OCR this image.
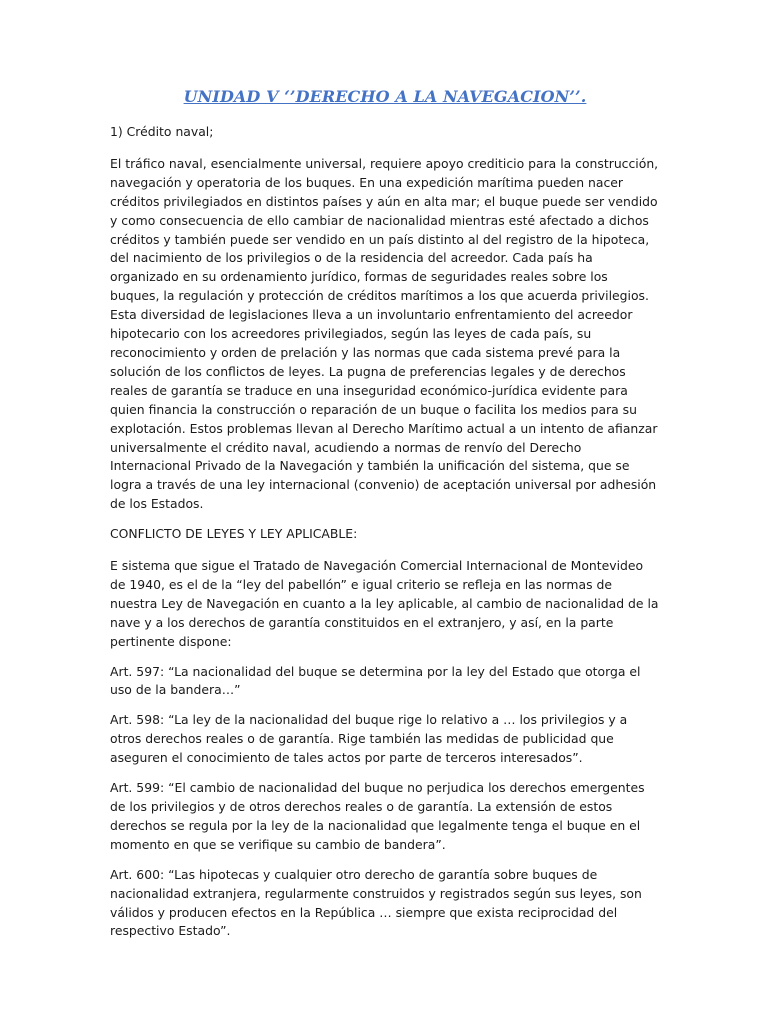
UNIDAD V ‘’DERECHO A LA NAVEGACION’’.

1) Crédito naval;

El tráfico naval, esencialmente universal, requiere apoyo crediticio para la construcción, navegación y operatoria de los buques. En una expedición marítima pueden nacer créditos privilegiados en distintos países y aún en alta mar; el buque puede ser vendido y como consecuencia de ello cambiar de nacionalidad mientras esté afectado a dichos créditos y también puede ser vendido en un país distinto al del registro de la hipoteca, del nacimiento de los privilegios o de la residencia del acreedor. Cada país ha organizado en su ordenamiento jurídico, formas de seguridades reales sobre los buques, la regulación y protección de créditos marítimos a los que acuerda privilegios. Esta diversidad de legislaciones lleva a un involuntario enfrentamiento del acreedor hipotecario con los acreedores privilegiados, según las leyes de cada país, su reconocimiento y orden de prelación y las normas que cada sistema prevé para la solución de los conflictos de leyes. La pugna de preferencias legales y de derechos reales de garantía se traduce en una inseguridad económico-jurídica evidente para quien financia la construcción o reparación de un buque o facilita los medios para su explotación. Estos problemas llevan al Derecho Marítimo actual a un intento de afianzar universalmente el crédito naval, acudiendo a normas de renvío del Derecho Internacional Privado de la Navegación y también la unificación del sistema, que se logra a través de una ley internacional (convenio) de aceptación universal por adhesión de los Estados.

CONFLICTO DE LEYES Y LEY APLICABLE:

E sistema que sigue el Tratado de Navegación Comercial Internacional de Montevideo de 1940, es el de la “ley del pabellón” e igual criterio se refleja en las normas de nuestra Ley de Navegación en cuanto a la ley aplicable, al cambio de nacionalidad de la nave y a los derechos de garantía constituidos en el extranjero, y así, en la parte pertinente dispone:

Art. 597: “La nacionalidad del buque se determina por la ley del Estado que otorga el uso de la bandera…”

Art. 598: “La ley de la nacionalidad del buque rige lo relativo a … los privilegios y a otros derechos reales o de garantía. Rige también las medidas de publicidad que aseguren el conocimiento de tales actos por parte de terceros interesados”.

Art. 599: “El cambio de nacionalidad del buque no perjudica los derechos emergentes de los privilegios y de otros derechos reales o de garantía. La extensión de estos derechos se regula por la ley de la nacionalidad que legalmente tenga el buque en el momento en que se verifique su cambio de bandera”.

Art. 600: “Las hipotecas y cualquier otro derecho de garantía sobre buques de nacionalidad extranjera, regularmente construidos y registrados según sus leyes, son válidos y producen efectos en la República … siempre que exista reciprocidad del respectivo Estado”.
